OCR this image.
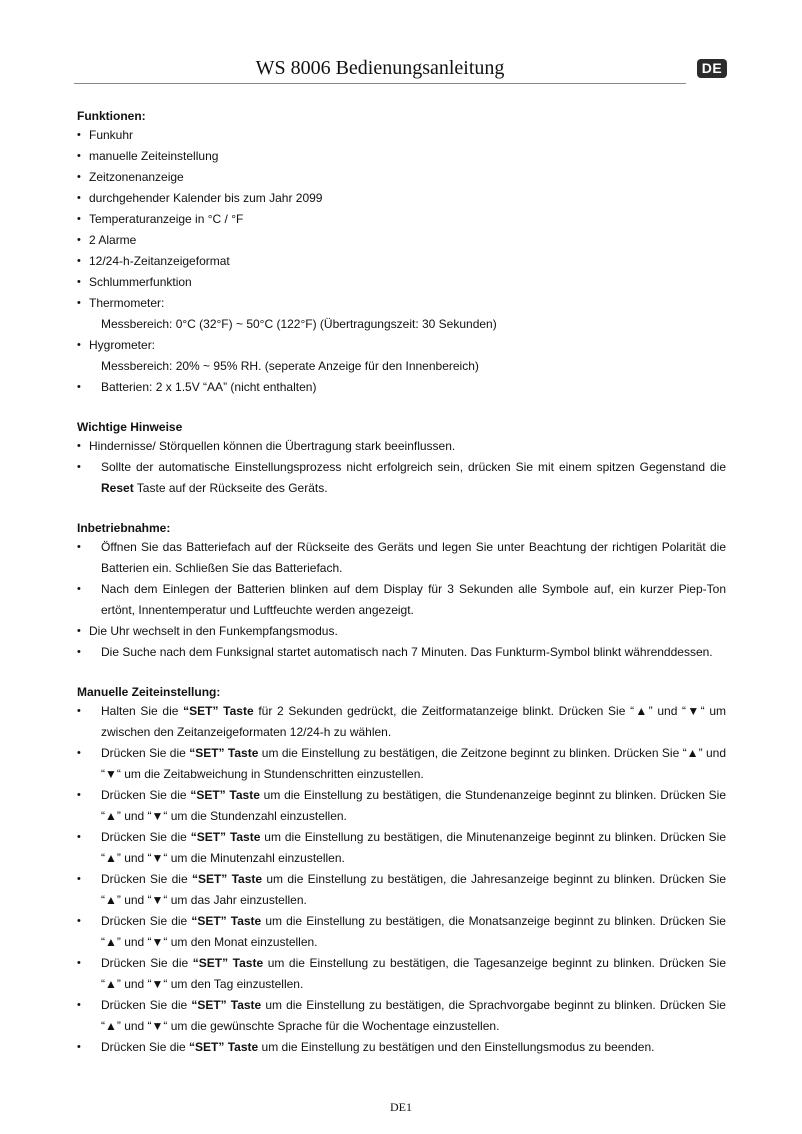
WS 8006 Bedienungsanleitung	DE
Funktionen:
• Funkuhr
• manuelle Zeiteinstellung
• Zeitzonenanzeige
• durchgehender Kalender bis zum Jahr 2099
• Temperaturanzeige in °C / °F
• 2 Alarme
• 12/24-h-Zeitanzeigeformat
• Schlummerfunktion
• Thermometer:
Messbereich: 0°C (32°F) ~ 50°C (122°F) (Übertragungszeit: 30 Sekunden)
• Hygrometer:
Messbereich: 20% ~ 95% RH. (seperate Anzeige für den Innenbereich)
• Batterien: 2 x 1.5V “AA” (nicht enthalten)
Wichtige Hinweise
• Hindernisse/ Störquellen können die Übertragung stark beeinflussen.
• Sollte der automatische Einstellungsprozess nicht erfolgreich sein, drücken Sie mit einem spitzen Gegenstand die Reset Taste auf der Rückseite des Geräts.
Inbetriebnahme:
• Öffnen Sie das Batteriefach auf der Rückseite des Geräts und legen Sie unter Beachtung der richtigen Polarität die Batterien ein. Schließen Sie das Batteriefach.
• Nach dem Einlegen der Batterien blinken auf dem Display für 3 Sekunden alle Symbole auf, ein kurzer Piep-Ton ertönt, Innentemperatur und Luftfeuchte werden angezeigt.
• Die Uhr wechselt in den Funkempfangsmodus.
• Die Suche nach dem Funksignal startet automatisch nach 7 Minuten. Das Funkturm-Symbol blinkt währenddessen.
Manuelle Zeiteinstellung:
• Halten Sie die “SET” Taste für 2 Sekunden gedrückt, die Zeitformatanzeige blinkt. Drücken Sie “▲” und “▼“ um zwischen den Zeitanzeigeformaten 12/24-h zu wählen.
• Drücken Sie die “SET” Taste um die Einstellung zu bestätigen, die Zeitzone beginnt zu blinken. Drücken Sie “▲” und “▼“ um die Zeitabweichung in Stundenschritten einzustellen.
• Drücken Sie die “SET” Taste um die Einstellung zu bestätigen, die Stundenanzeige beginnt zu blinken. Drücken Sie “▲” und “▼“ um die Stundenzahl einzustellen.
• Drücken Sie die “SET” Taste um die Einstellung zu bestätigen, die Minutenanzeige beginnt zu blinken. Drücken Sie “▲” und “▼“ um die Minutenzahl einzustellen.
• Drücken Sie die “SET” Taste um die Einstellung zu bestätigen, die Jahresanzeige beginnt zu blinken. Drücken Sie “▲” und “▼“ um das Jahr einzustellen.
• Drücken Sie die “SET” Taste um die Einstellung zu bestätigen, die Monatsanzeige beginnt zu blinken. Drücken Sie “▲” und “▼“ um den Monat einzustellen.
• Drücken Sie die “SET” Taste um die Einstellung zu bestätigen, die Tagesanzeige beginnt zu blinken. Drücken Sie “▲” und “▼“ um den Tag einzustellen.
• Drücken Sie die “SET” Taste um die Einstellung zu bestätigen, die Sprachvorgabe beginnt zu blinken. Drücken Sie “▲” und “▼“ um die gewünschte Sprache für die Wochentage einzustellen.
• Drücken Sie die “SET” Taste um die Einstellung zu bestätigen und den Einstellungsmodus zu beenden.
DE1
